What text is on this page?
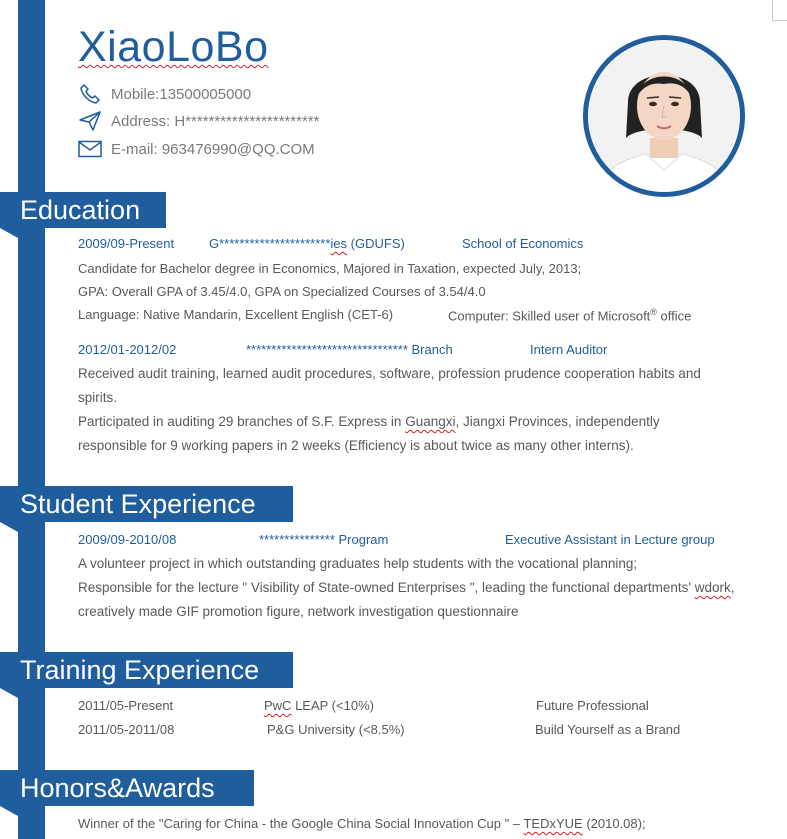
XiaoLoBo
Mobile:13500005000
Address: H***********************
E-mail: 963476990@QQ.COM
Education
2009/09-Present	G**********************ies (GDUFS)	School of Economics
Candidate for Bachelor degree in Economics, Majored in Taxation, expected July, 2013;
GPA: Overall GPA of 3.45/4.0, GPA on Specialized Courses of 3.54/4.0
Language: Native Mandarin, Excellent English (CET-6)	Computer: Skilled user of Microsoft® office
2012/01-2012/02	******************************** Branch	Intern Auditor
Received audit training, learned audit procedures, software, profession prudence cooperation habits and
spirits.
Participated in auditing 29 branches of S.F. Express in Guangxi, Jiangxi Provinces, independently
responsible for 9 working papers in 2 weeks (Efficiency is about twice as many other interns).
Student Experience
2009/09-2010/08	*************** Program	Executive Assistant in Lecture group
A volunteer project in which outstanding graduates help students with the vocational planning;
Responsible for the lecture " Visibility of State-owned Enterprises ", leading the functional departments' wdork,
creatively made GIF promotion figure, network investigation questionnaire
Training Experience
2011/05-Present	PwC LEAP (<10%)	Future Professional
2011/05-2011/08	P&G University (<8.5%)	Build Yourself as a Brand
Honors&Awards
Winner of the "Caring for China - the Google China Social Innovation Cup " – TEDxYUE (2010.08);
